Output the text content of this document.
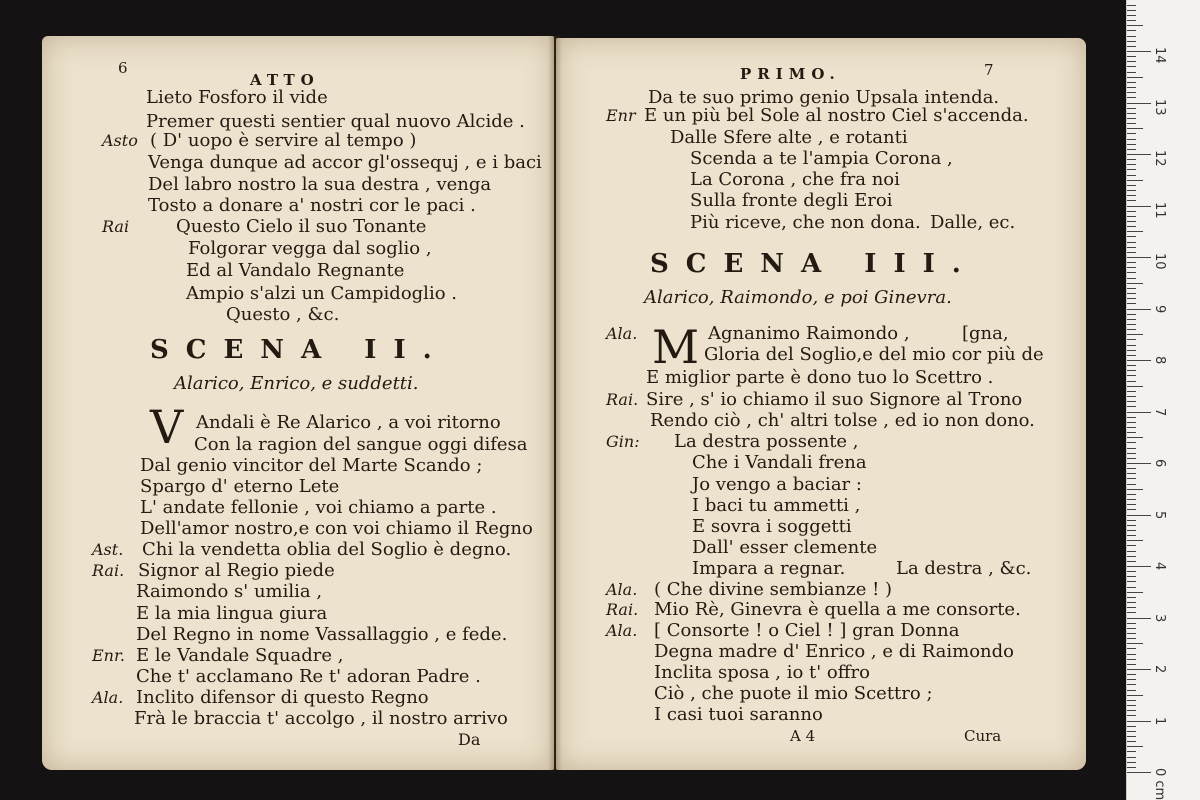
6
ATTO
Lieto Fosforo il vide
Premer questi sentier qual nuovo Alcide .
Asto ( D' uopo è servire al tempo )
Venga dunque ad accor gl'ossequj , e i baci
Del labro nostro la sua destra , venga
Tosto a donare a' nostri cor le paci .
Rai	Questo Cielo il suo Tonante
Folgorar vegga dal soglio ,
Ed al Vandalo Regnante
Ampio s'alzi un Campidoglio .
Questo , &c.
SCENA II.
Alarico, Enrico, e suddetti.
V Andali è Re Alarico , a voi ritorno
Con la ragion del sangue oggi difesa
Dal genio vincitor del Marte Scando ;
Spargo d' eterno Lete
L' andate fellonie , voi chiamo a parte .
Dell'amor nostro,e con voi chiamo il Regno
Ast. Chi la vendetta oblia del Soglio è degno.
Rai. Signor al Regio piede
Raimondo s' umilia ,
E la mia lingua giura
Del Regno in nome Vassallaggio , e fede.
Enr. E le Vandale Squadre ,
Che t' acclamano Re t' adoran Padre .
Ala. Inclito difensor di questo Regno
Frà le braccia t' accolgo , il nostro arrivo
Da
PRIMO.	7
Da te suo primo genio Upsala intenda.
Enr E un più bel Sole al nostro Ciel s'accenda.
Dalle Sfere alte , e rotanti
Scenda a te l'ampia Corona ,
La Corona , che fra noi
Sulla fronte degli Eroi
Più riceve, che non dona. Dalle, ec.
SCENA III.
Alarico, Raimondo, e poi Ginevra.
M
Ala.	Agnanimo Raimondo ,	[gna,
Gloria del Soglio,e del mio cor più de
E miglior parte è dono tuo lo Scettro .
Rai. Sire , s' io chiamo il suo Signore al Trono
Rendo ciò , ch' altri tolse , ed io non dono.
Gin: La destra possente ,
Che i Vandali frena
Jo vengo a baciar :
I baci tu ammetti ,
E sovra i soggetti
Dall' esser clemente
Impara a regnar.	La destra , &c.
Ala. ( Che divine sembianze ! )
Rai. Mio Rè, Ginevra è quella a me consorte.
Ala. [ Consorte ! o Ciel ! ] gran Donna
Degna madre d' Enrico , e di Raimondo
Inclita sposa , io t' offro
Ciò , che puote il mio Scettro ;
I casi tuoi saranno
A 4	Cura
0 cm
1
2
3
4
5
6
7
8
9
10
11
12
13
14
